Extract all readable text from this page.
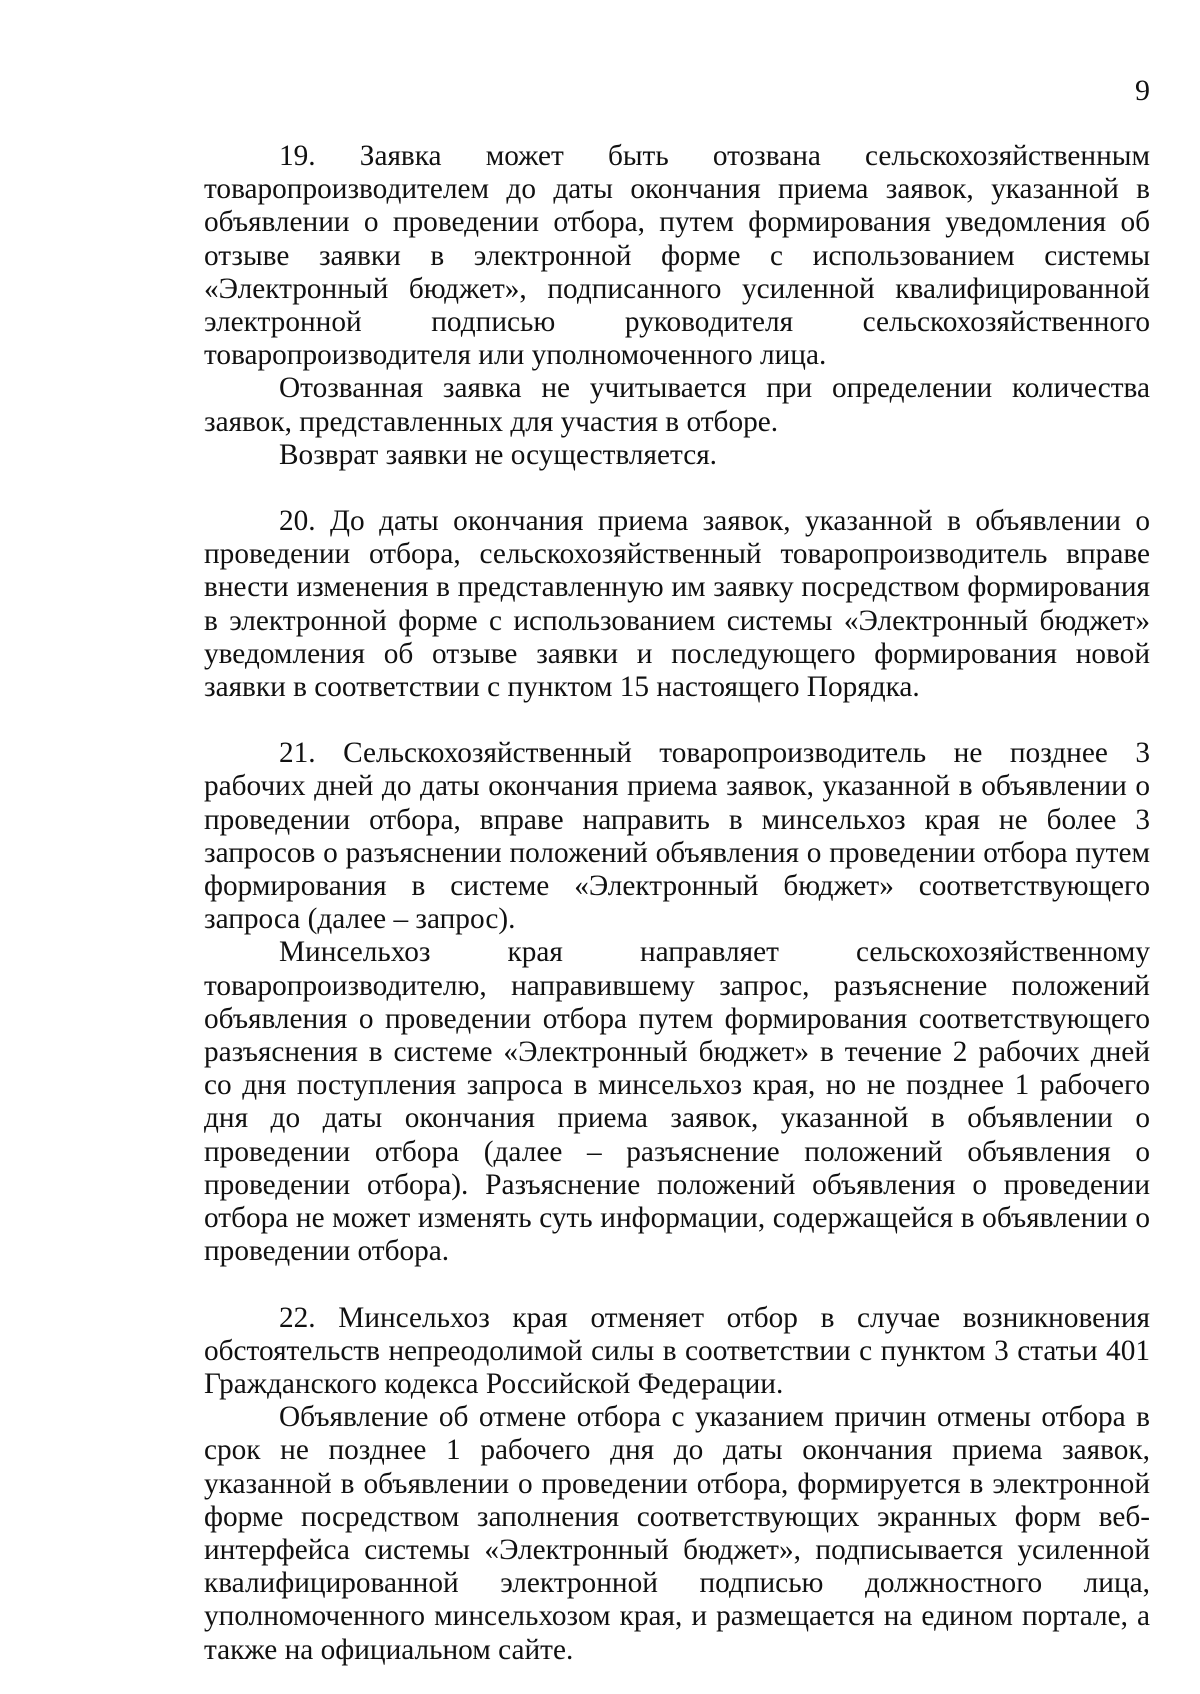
9

19. Заявка может быть отозвана сельскохозяйственным товаропроизводителем до даты окончания приема заявок, указанной в объявлении о проведении отбора, путем формирования уведомления об отзыве заявки в электронной форме с использованием системы «Электронный бюджет», подписанного усиленной квалифицированной электронной подписью руководителя сельскохозяйственного товаропроизводителя или уполномоченного лица.

Отозванная заявка не учитывается при определении количества заявок, представленных для участия в отборе.

Возврат заявки не осуществляется.

20. До даты окончания приема заявок, указанной в объявлении о проведении отбора, сельскохозяйственный товаропроизводитель вправе внести изменения в представленную им заявку посредством формирования в электронной форме с использованием системы «Электронный бюджет» уведомления об отзыве заявки и последующего формирования новой заявки в соответствии с пунктом 15 настоящего Порядка.

21. Сельскохозяйственный товаропроизводитель не позднее 3 рабочих дней до даты окончания приема заявок, указанной в объявлении о проведении отбора, вправе направить в минсельхоз края не более 3 запросов о разъяснении положений объявления о проведении отбора путем формирования в системе «Электронный бюджет» соответствующего запроса (далее – запрос).

Минсельхоз края направляет сельскохозяйственному товаропроизводителю, направившему запрос, разъяснение положений объявления о проведении отбора путем формирования соответствующего разъяснения в системе «Электронный бюджет» в течение 2 рабочих дней со дня поступления запроса в минсельхоз края, но не позднее 1 рабочего дня до даты окончания приема заявок, указанной в объявлении о проведении отбора (далее – разъяснение положений объявления о проведении отбора). Разъяснение положений объявления о проведении отбора не может изменять суть информации, содержащейся в объявлении о проведении отбора.

22. Минсельхоз края отменяет отбор в случае возникновения обстоятельств непреодолимой силы в соответствии с пунктом 3 статьи 401 Гражданского кодекса Российской Федерации.

Объявление об отмене отбора с указанием причин отмены отбора в срок не позднее 1 рабочего дня до даты окончания приема заявок, указанной в объявлении о проведении отбора, формируется в электронной форме посредством заполнения соответствующих экранных форм веб-интерфейса системы «Электронный бюджет», подписывается усиленной квалифицированной электронной подписью должностного лица, уполномоченного минсельхозом края, и размещается на едином портале, а также на официальном сайте.
